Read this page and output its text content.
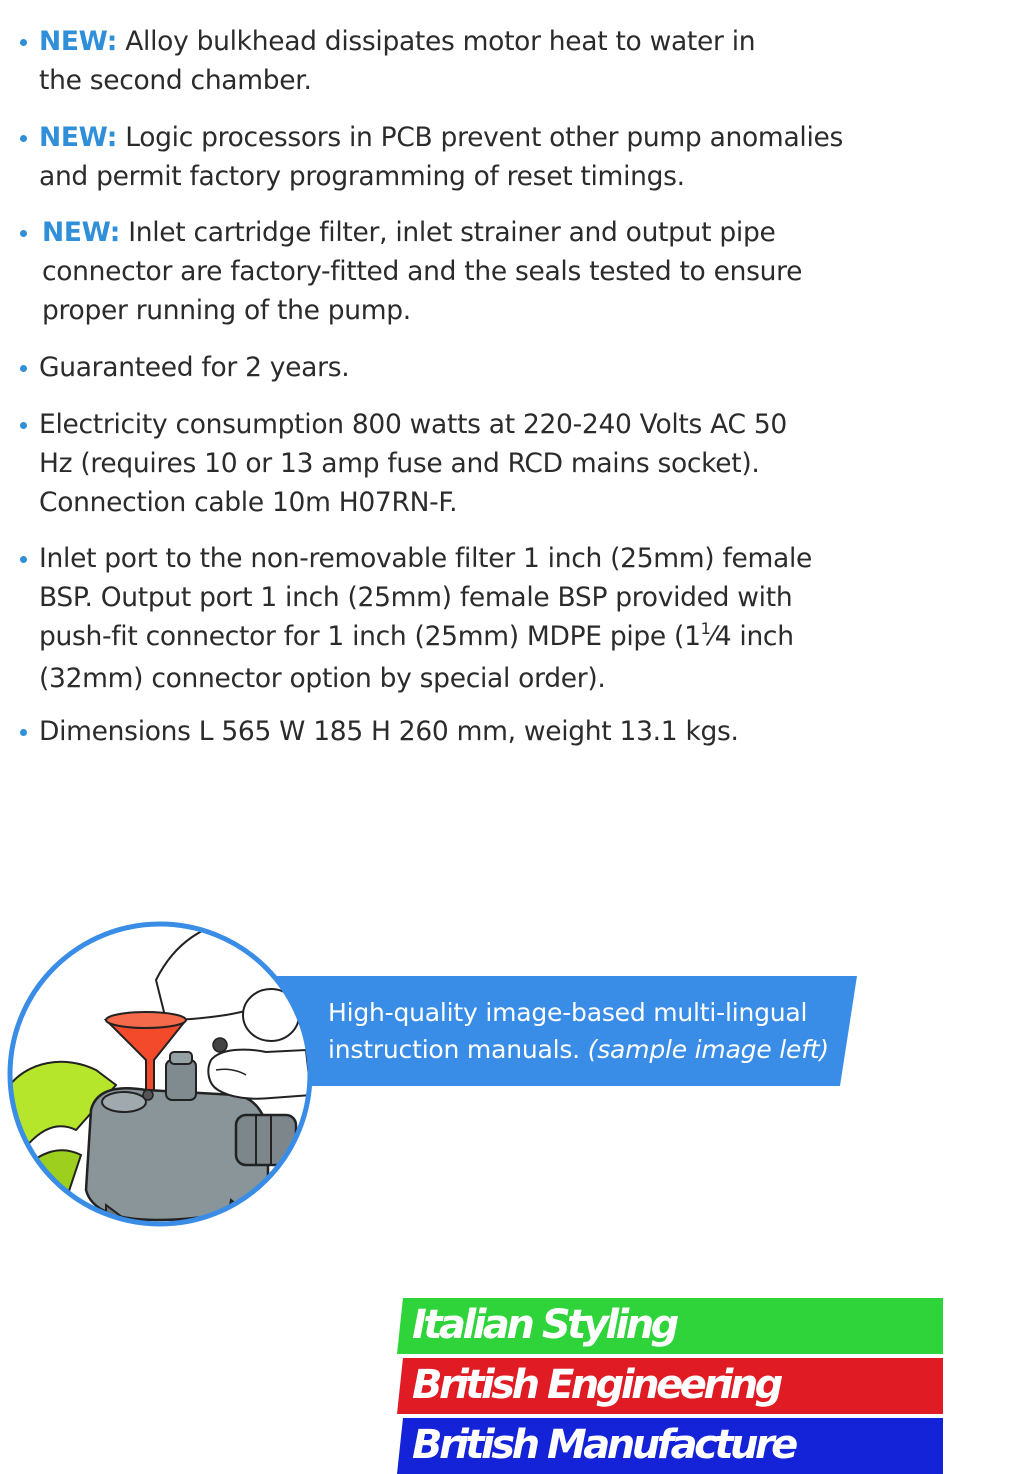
NEW: Alloy bulkhead dissipates motor heat to water in
the second chamber.
NEW: Logic processors in PCB prevent other pump anomalies
and permit factory programming of reset timings.
NEW: Inlet cartridge filter, inlet strainer and output pipe
connector are factory-fitted and the seals tested to ensure
proper running of the pump.
Guaranteed for 2 years.
Electricity consumption 800 watts at 220-240 Volts AC 50
Hz (requires 10 or 13 amp fuse and RCD mains socket).
Connection cable 10m H07RN-F.
Inlet port to the non-removable filter 1 inch (25mm) female
BSP. Output port 1 inch (25mm) female BSP provided with
push-fit connector for 1 inch (25mm) MDPE pipe ($1^1⁄4$ inch
(32mm) connector option by special order).
Dimensions L 565 W 185 H 260 mm, weight 13.1 kgs.
High-quality image-based multi-lingual
instruction manuals. (sample image left)
Italian Styling
British Engineering
British Manufacture
